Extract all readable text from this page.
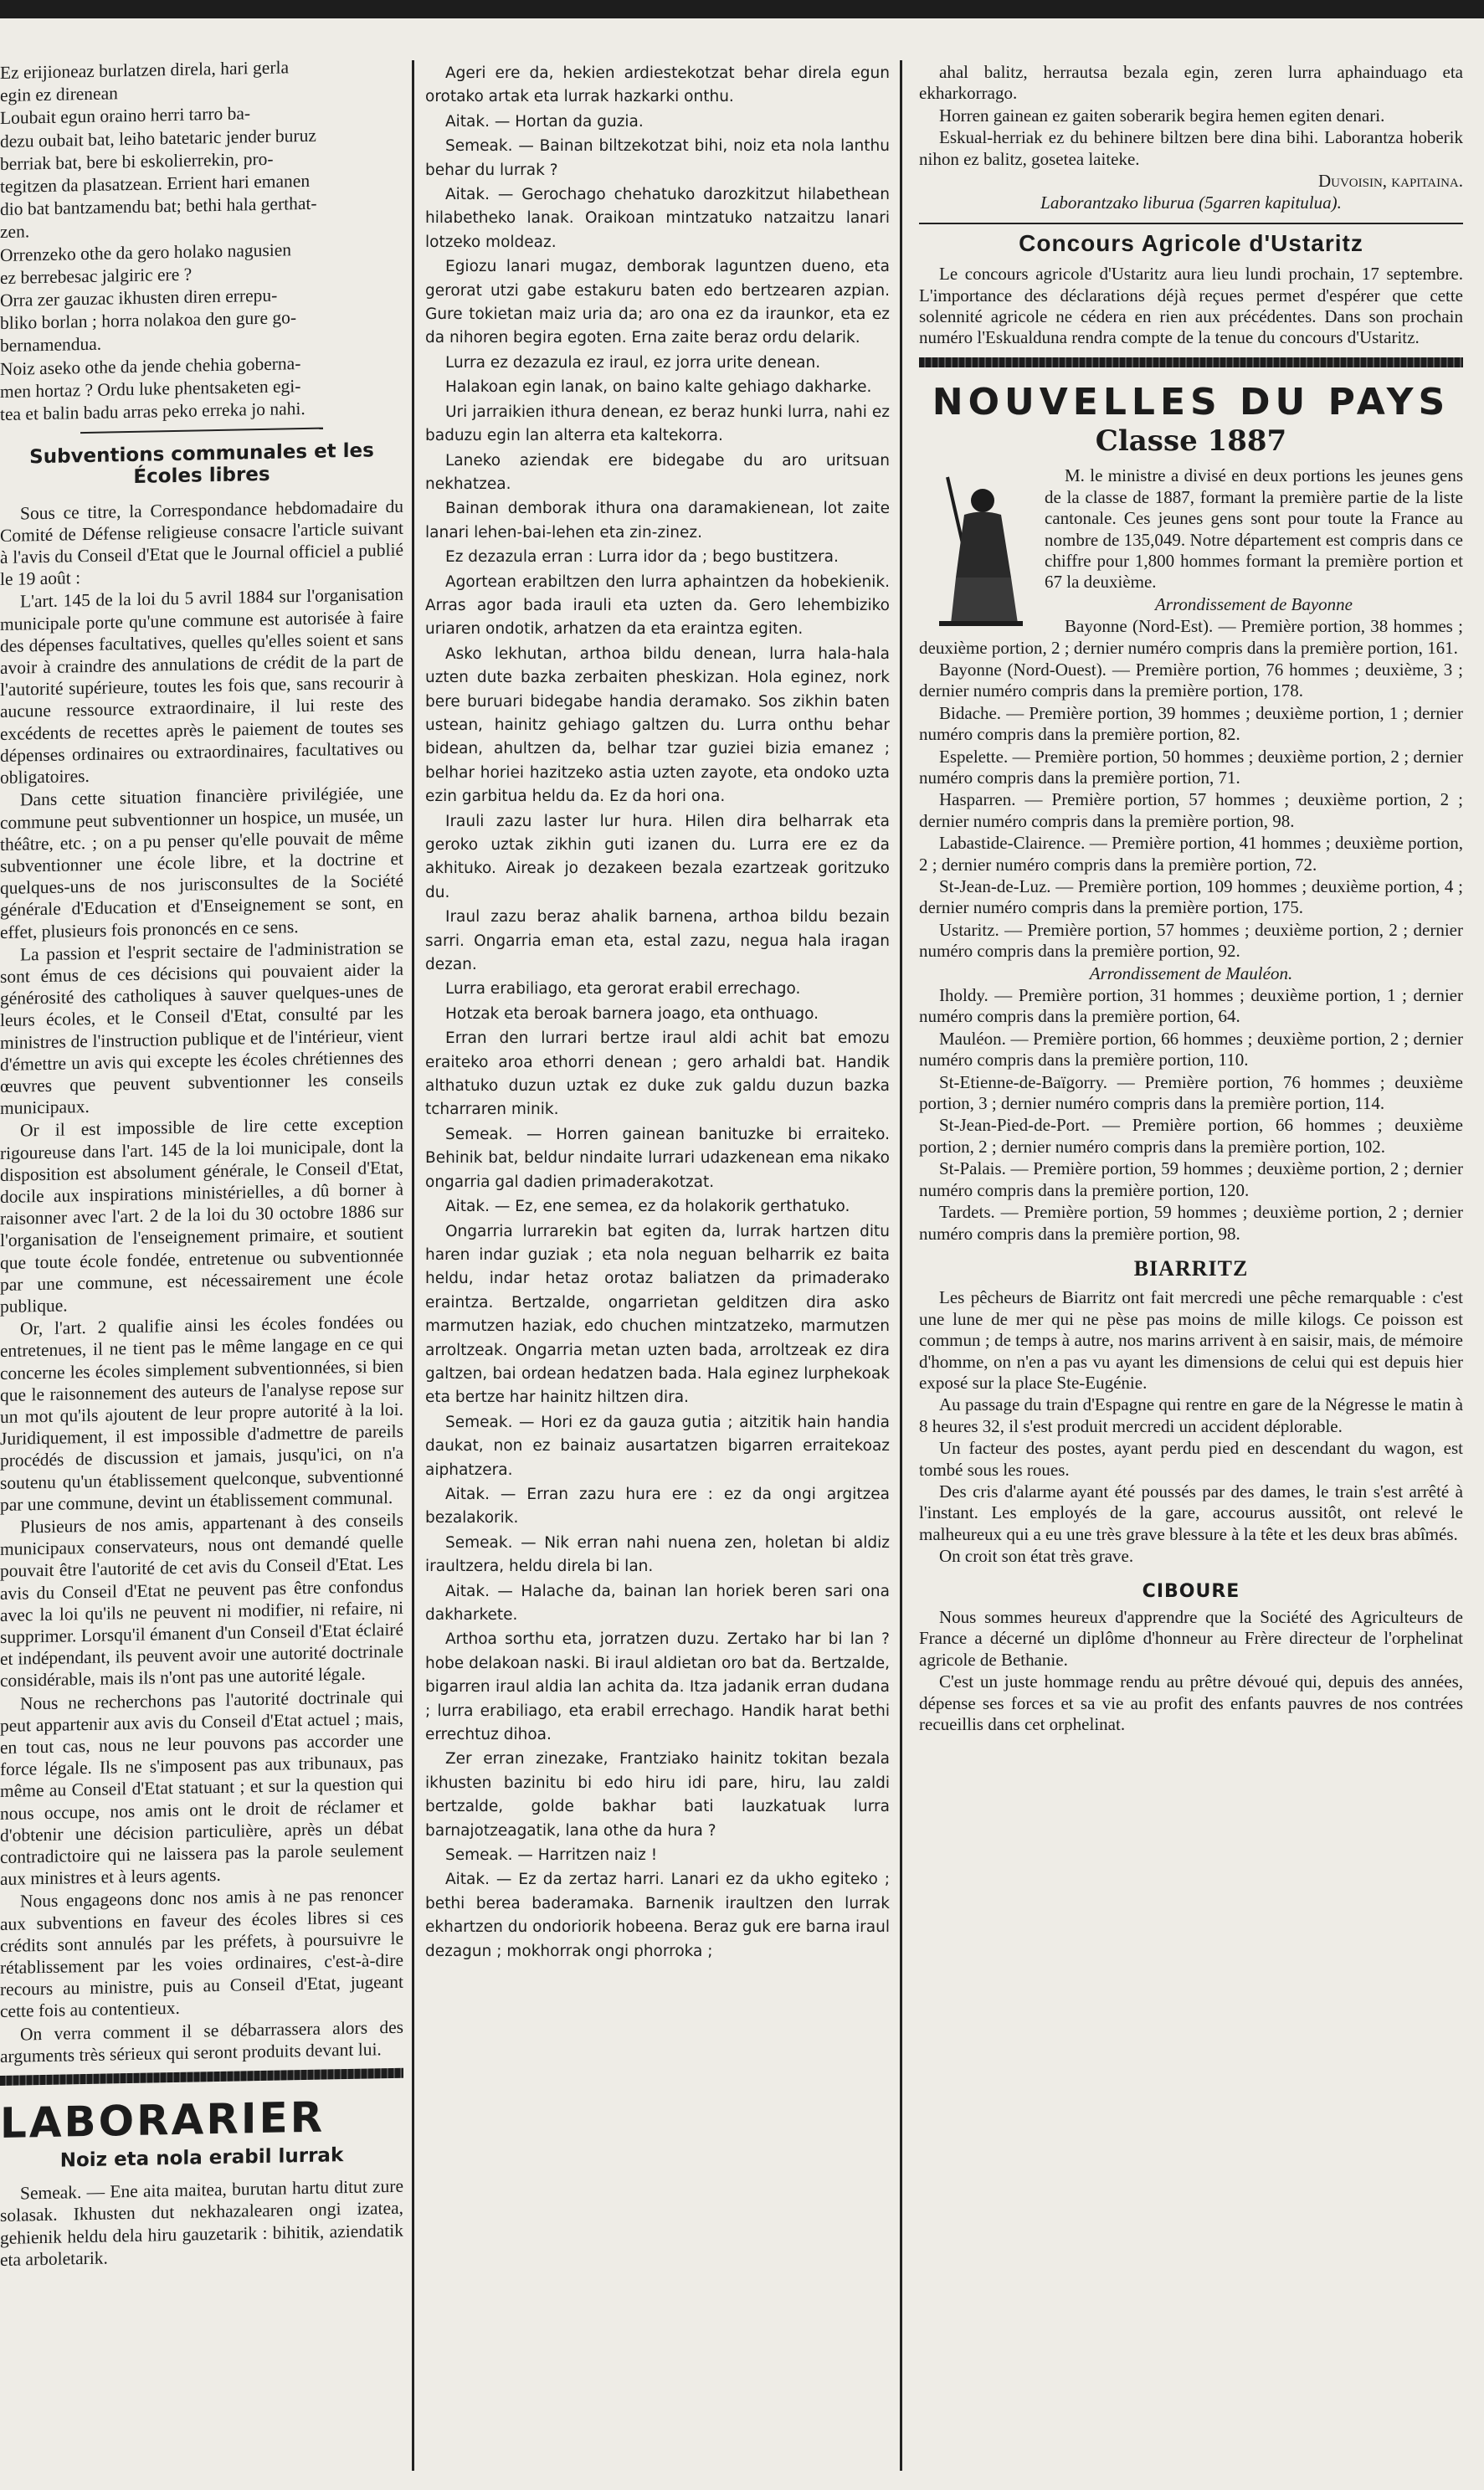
Ez erijioneaz burlatzen direla, hari gerla

egin ez direnean

Loubait egun oraino herri tarro ba-

dezu oubait bat, leiho batetaric jender buruz

berriak bat, bere bi eskolierrekin, pro-

tegitzen da plasatzean. Errient hari emanen

dio bat bantzamendu bat; bethi hala gerthat-

zen.

Orrenzeko othe da gero holako nagusien

ez berrebesac jalgiric ere ?

Orra zer gauzac ikhusten diren errepu-

bliko borlan ; horra nolakoa den gure go-

bernamendua.

Noiz aseko othe da jende chehia goberna-

men hortaz ? Ordu luke phentsaketen egi-

tea et balin badu arras peko erreka jo nahi.

Subventions communales et les Écoles libres

Sous ce titre, la Correspondance hebdomadaire du Comité de Défense religieuse consacre l'article suivant à l'avis du Conseil d'Etat que le Journal officiel a publié le 19 août :

L'art. 145 de la loi du 5 avril 1884 sur l'organisation municipale porte qu'une commune est autorisée à faire des dépenses facultatives, quelles qu'elles soient et sans avoir à craindre des annulations de crédit de la part de l'autorité supérieure, toutes les fois que, sans recourir à aucune ressource extraordinaire, il lui reste des excédents de recettes après le paiement de toutes ses dépenses ordinaires ou extraordinaires, facultatives ou obligatoires.

Dans cette situation financière privilégiée, une commune peut subventionner un hospice, un musée, un théâtre, etc. ; on a pu penser qu'elle pouvait de même subventionner une école libre, et la doctrine et quelques-uns de nos jurisconsultes de la Société générale d'Education et d'Enseignement se sont, en effet, plusieurs fois prononcés en ce sens.

La passion et l'esprit sectaire de l'administration se sont émus de ces décisions qui pouvaient aider la générosité des catholiques à sauver quelques-unes de leurs écoles, et le Conseil d'Etat, consulté par les ministres de l'instruction publique et de l'intérieur, vient d'émettre un avis qui excepte les écoles chrétiennes des œuvres que peuvent subventionner les conseils municipaux.

Or il est impossible de lire cette exception rigoureuse dans l'art. 145 de la loi municipale, dont la disposition est absolument générale, le Conseil d'Etat, docile aux inspirations ministérielles, a dû borner à raisonner avec l'art. 2 de la loi du 30 octobre 1886 sur l'organisation de l'enseignement primaire, et soutient que toute école fondée, entretenue ou subventionnée par une commune, est nécessairement une école publique.

Or, l'art. 2 qualifie ainsi les écoles fondées ou entretenues, il ne tient pas le même langage en ce qui concerne les écoles simplement subventionnées, si bien que le raisonnement des auteurs de l'analyse repose sur un mot qu'ils ajoutent de leur propre autorité à la loi. Juridiquement, il est impossible d'admettre de pareils procédés de discussion et jamais, jusqu'ici, on n'a soutenu qu'un établissement quelconque, subventionné par une commune, devint un établissement communal.

Plusieurs de nos amis, appartenant à des conseils municipaux conservateurs, nous ont demandé quelle pouvait être l'autorité de cet avis du Conseil d'Etat. Les avis du Conseil d'Etat ne peuvent pas être confondus avec la loi qu'ils ne peuvent ni modifier, ni refaire, ni supprimer. Lorsqu'il émanent d'un Conseil d'Etat éclairé et indépendant, ils peuvent avoir une autorité doctrinale considérable, mais ils n'ont pas une autorité légale.

Nous ne recherchons pas l'autorité doctrinale qui peut appartenir aux avis du Conseil d'Etat actuel ; mais, en tout cas, nous ne leur pouvons pas accorder une force légale. Ils ne s'imposent pas aux tribunaux, pas même au Conseil d'Etat statuant ; et sur la question qui nous occupe, nos amis ont le droit de réclamer et d'obtenir une décision particulière, après un débat contradictoire qui ne laissera pas la parole seulement aux ministres et à leurs agents.

Nous engageons donc nos amis à ne pas renoncer aux subventions en faveur des écoles libres si ces crédits sont annulés par les préfets, à poursuivre le rétablissement par les voies ordinaires, c'est-à-dire recours au ministre, puis au Conseil d'Etat, jugeant cette fois au contentieux.

On verra comment il se débarrassera alors des arguments très sérieux qui seront produits devant lui.

LABORARIER
Noiz eta nola erabil lurrak

Semeak. — Ene aita maitea, burutan hartu ditut zure solasak. Ikhusten dut nekhazalearen ongi izatea, gehienik heldu dela hiru gauzetarik : bihitik, aziendatik eta arboletarik.

Ageri ere da, hekien ardiestekotzat behar direla egun orotako artak eta lurrak hazkarki onthu.

Aitak. — Hortan da guzia.

Semeak. — Bainan biltzekotzat bihi, noiz eta nola lanthu behar du lurrak ?

Aitak. — Gerochago chehatuko darozkitzut hilabethean hilabetheko lanak. Oraikoan mintzatuko natzaitzu lanari lotzeko moldeaz.

Egiozu lanari mugaz, demborak laguntzen duenо, eta gerorat utzi gabe estakuru baten edo bertzearen azpian. Gure tokietan maiz uria da; aro ona ez da iraunkor, eta ez da nihoren begira egoten. Erna zaite beraz ordu delarik.

Lurra ez dezazula ez iraul, ez jorra urite denean.

Halakoan egin lanak, on baino kalte gehiago dakharke.

Uri jarraikien ithura denean, ez beraz hunki lurra, nahi ez baduzu egin lan alterra eta kaltekorra.

Laneko aziendak ere bidegabe du aro uritsuan nekhatzea.

Bainan demborak ithura ona daramakienean, lot zaite lanari lehen-bai-lehen eta zin-zinez.

Ez dezazula erran : Lurra idor da ; bego bustitzera.

Agortean erabiltzen den lurra aphaintzen da hobekienik. Arras agor bada irauli eta uzten da. Gero lehembiziko uriaren ondotik, arhatzen da eta eraintza egiten.

Asko lekhutan, arthoa bildu denean, lurra hala-hala uzten dute bazka zerbaiten pheskizan. Hola eginez, nork bere buruari bidegabe handia deramako. Sos zikhin baten ustean, hainitz gehiago galtzen du. Lurra onthu behar bidean, ahultzen da, belhar tzar guziei bizia emanez ; belhar horiei hazitzeko astia uzten zayote, eta ondoko uzta ezin garbitua heldu da. Ez da hori ona.

Irauli zazu laster lur hura. Hilen dira belharrak eta geroko uztak zikhin guti izanen du. Lurra ere ez da akhituko. Aireak jo dezakeen bezala ezartzeak goritzuko du.

Iraul zazu beraz ahalik barnena, arthoa bildu bezain sarri. Ongarria eman eta, estal zazu, negua hala iragan dezan.

Lurra erabiliago, eta gerorat erabil errechago.

Hotzak eta beroak barnera joago, eta onthuago.

Erran den lurrari bertze iraul aldi achit bat emozu eraiteko aroa ethorri denean ; gero arhaldi bat. Handik althatuko duzun uztak ez duke zuk galdu duzun bazka tcharraren minik.

Semeak. — Horren gainean banituzke bi erraiteko. Behinik bat, beldur nindaite lurrari udazkenean ema nikako ongarria gal dadien primaderakotzat.

Aitak. — Ez, ene semea, ez da holakorik gerthatuko.

Ongarria lurrarekin bat egiten da, lurrak hartzen ditu haren indar guziak ; eta nola neguan belharrik ez baita heldu, indar hetaz orotaz baliatzen da primaderako eraintza. Bertzalde, ongarrietan gelditzen dira asko marmutzen haziak, edo chuchen mintzatzeko, marmutzen arroltzeak. Ongarria metan uzten bada, arroltzeak ez dira galtzen, bai ordean hedatzen bada. Hala eginez lurphekoak eta bertze har hainitz hiltzen dira.

Semeak. — Hori ez da gauza gutia ; aitzitik hain handia daukat, non ez bainaiz ausartatzen bigarren erraitekoaz aiphatzera.

Aitak. — Erran zazu hura ere : ez da ongi argitzea bezalakorik.

Semeak. — Nik erran nahi nuena zen, holetan bi aldiz iraultzera, heldu direla bi lan.

Aitak. — Halache da, bainan lan horiek beren sari ona dakharkete.

Arthoa sorthu eta, jorratzen duzu. Zertako har bi lan ? hobe delakoan naski. Bi iraul aldietan oro bat da. Bertzalde, bigarren iraul aldia lan achita da. Itza jadanik erran dudana ; lurra erabiliago, eta erabil errechago. Handik harat bethi errechtuz dihoa.

Zer erran zinezake, Frantziako hainitz tokitan bezala ikhusten bazinitu bi edo hiru idi pare, hiru, lau zaldi bertzalde, golde bakhar bati lauzkatuak lurra barnajotzeagatik, lana othe da hura ?

Semeak. — Harritzen naiz !

Aitak. — Ez da zertaz harri. Lanari ez da ukho egiteko ; bethi berea baderamaka. Barnenik iraultzen den lurrak ekhartzen du ondoriorik hobeena. Beraz guk ere barna iraul dezagun ; mokhorrak ongi phorroka ;

ahal balitz, herrautsa bezala egin, zeren lurra aphainduago eta ekharkorrago.

Horren gainean ez gaiten soberarik begira hemen egiten denari.

Eskual-herriak ez du behinere biltzen bere dina bihi. Laborantza hoberik nihon ez balitz, gosetea laiteke.

Duvoisin, kapitaina.

Laborantzako liburua (5garren kapitulua).

Concours Agricole d'Ustaritz

Le concours agricole d'Ustaritz aura lieu lundi prochain, 17 septembre. L'importance des déclarations déjà reçues permet d'espérer que cette solennité agricole ne cédera en rien aux précédentes. Dans son prochain numéro l'Eskualduna rendra compte de la tenue du concours d'Ustaritz.

NOUVELLES DU PAYS
Classe 1887

M. le ministre a divisé en deux portions les jeunes gens de la classe de 1887, formant la première partie de la liste cantonale. Ces jeunes gens sont pour toute la France au nombre de 135,049. Notre département est compris dans ce chiffre pour 1,800 hommes formant la première portion et 67 la deuxième.

Arrondissement de Bayonne

Bayonne (Nord-Est). — Première portion, 38 hommes ; deuxième portion, 2 ; dernier numéro compris dans la première portion, 161.

Bayonne (Nord-Ouest). — Première portion, 76 hommes ; deuxième, 3 ; dernier numéro compris dans la première portion, 178.

Bidache. — Première portion, 39 hommes ; deuxième portion, 1 ; dernier numéro compris dans la première portion, 82.

Espelette. — Première portion, 50 hommes ; deuxième portion, 2 ; dernier numéro compris dans la première portion, 71.

Hasparren. — Première portion, 57 hommes ; deuxième portion, 2 ; dernier numéro compris dans la première portion, 98.

Labastide-Clairence. — Première portion, 41 hommes ; deuxième portion, 2 ; dernier numéro compris dans la première portion, 72.

St-Jean-de-Luz. — Première portion, 109 hommes ; deuxième portion, 4 ; dernier numéro compris dans la première portion, 175.

Ustaritz. — Première portion, 57 hommes ; deuxième portion, 2 ; dernier numéro compris dans la première portion, 92.

Arrondissement de Mauléon.

Iholdy. — Première portion, 31 hommes ; deuxième portion, 1 ; dernier numéro compris dans la première portion, 64.

Mauléon. — Première portion, 66 hommes ; deuxième portion, 2 ; dernier numéro compris dans la première portion, 110.

St-Etienne-de-Baïgorry. — Première portion, 76 hommes ; deuxième portion, 3 ; dernier numéro compris dans la première portion, 114.

St-Jean-Pied-de-Port. — Première portion, 66 hommes ; deuxième portion, 2 ; dernier numéro compris dans la première portion, 102.

St-Palais. — Première portion, 59 hommes ; deuxième portion, 2 ; dernier numéro compris dans la première portion, 120.

Tardets. — Première portion, 59 hommes ; deuxième portion, 2 ; dernier numéro compris dans la première portion, 98.

BIARRITZ

Les pêcheurs de Biarritz ont fait mercredi une pêche remarquable : c'est une lune de mer qui ne pèse pas moins de mille kilogs. Ce poisson est commun ; de temps à autre, nos marins arrivent à en saisir, mais, de mémoire d'homme, on n'en a pas vu ayant les dimensions de celui qui est depuis hier exposé sur la place Ste-Eugénie.

Au passage du train d'Espagne qui rentre en gare de la Négresse le matin à 8 heures 32, il s'est produit mercredi un accident déplorable.

Un facteur des postes, ayant perdu pied en descendant du wagon, est tombé sous les roues.

Des cris d'alarme ayant été poussés par des dames, le train s'est arrêté à l'instant. Les employés de la gare, accourus aussitôt, ont relevé le malheureux qui a eu une très grave blessure à la tête et les deux bras abîmés.

On croit son état très grave.

CIBOURE

Nous sommes heureux d'apprendre que la Société des Agriculteurs de France a décerné un diplôme d'honneur au Frère directeur de l'orphelinat agricole de Bethanie.

C'est un juste hommage rendu au prêtre dévoué qui, depuis des années, dépense ses forces et sa vie au profit des enfants pauvres de nos contrées recueillis dans cet orphelinat.
